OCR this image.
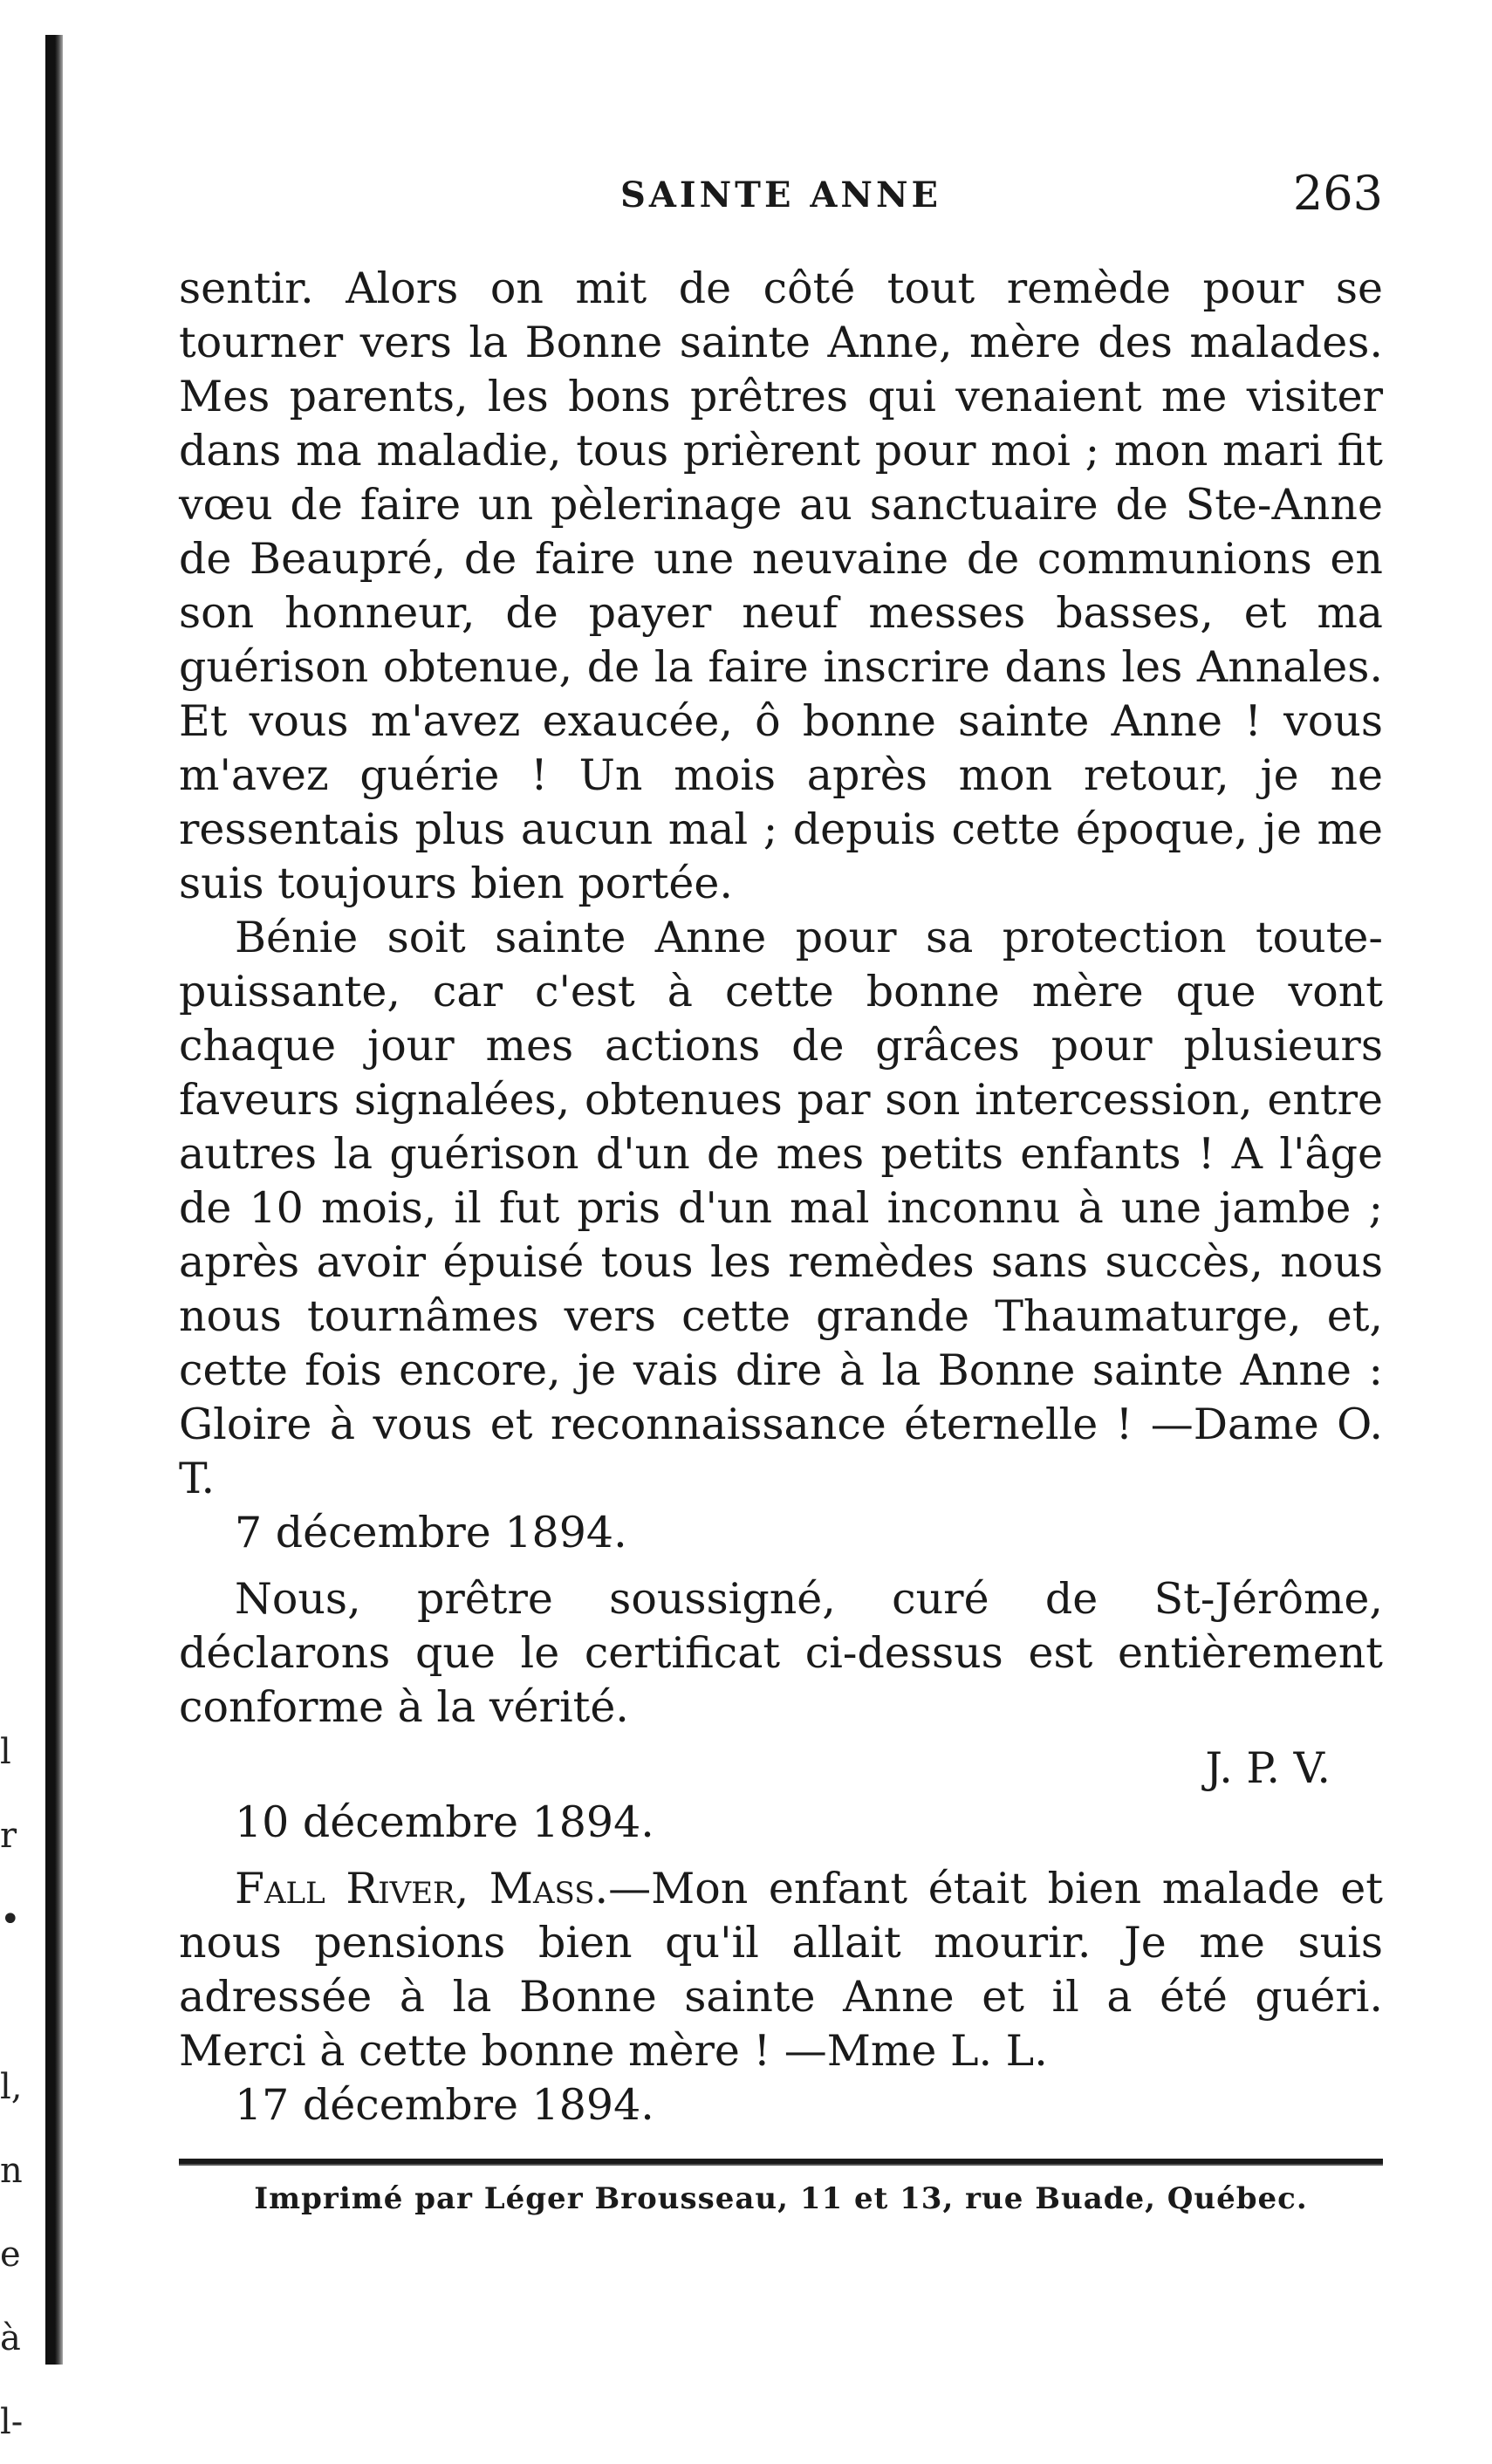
l
r
•
l,
n
e
à
l-
SAINTE ANNE	263

sentir. Alors on mit de côté tout remède pour se tourner vers la Bonne sainte Anne, mère des malades. Mes parents, les bons prêtres qui venaient me visiter dans ma maladie, tous prièrent pour moi ; mon mari fit vœu de faire un pèlerinage au sanctuaire de Ste-Anne de Beaupré, de faire une neuvaine de communions en son honneur, de payer neuf messes basses, et ma guérison obtenue, de la faire inscrire dans les Annales. Et vous m'avez exaucée, ô bonne sainte Anne ! vous m'avez guérie ! Un mois après mon retour, je ne ressentais plus aucun mal ; depuis cette époque, je me suis toujours bien portée.

Bénie soit sainte Anne pour sa protection toute-puissante, car c'est à cette bonne mère que vont chaque jour mes actions de grâces pour plusieurs faveurs signalées, obtenues par son intercession, entre autres la guérison d'un de mes petits enfants ! A l'âge de 10 mois, il fut pris d'un mal inconnu à une jambe ; après avoir épuisé tous les remèdes sans succès, nous nous tournâmes vers cette grande Thaumaturge, et, cette fois encore, je vais dire à la Bonne sainte Anne : Gloire à vous et reconnaissance éternelle ! —Dame O. T.

7 décembre 1894.

Nous, prêtre soussigné, curé de St-Jérôme, déclarons que le certificat ci-dessus est entièrement conforme à la vérité.

J. P. V.

10 décembre 1894.

Fall River, Mass.—Mon enfant était bien malade et nous pensions bien qu'il allait mourir. Je me suis adressée à la Bonne sainte Anne et il a été guéri. Merci à cette bonne mère ! —Mme L. L.

17 décembre 1894.

Imprimé par Léger Brousseau, 11 et 13, rue Buade, Québec.
